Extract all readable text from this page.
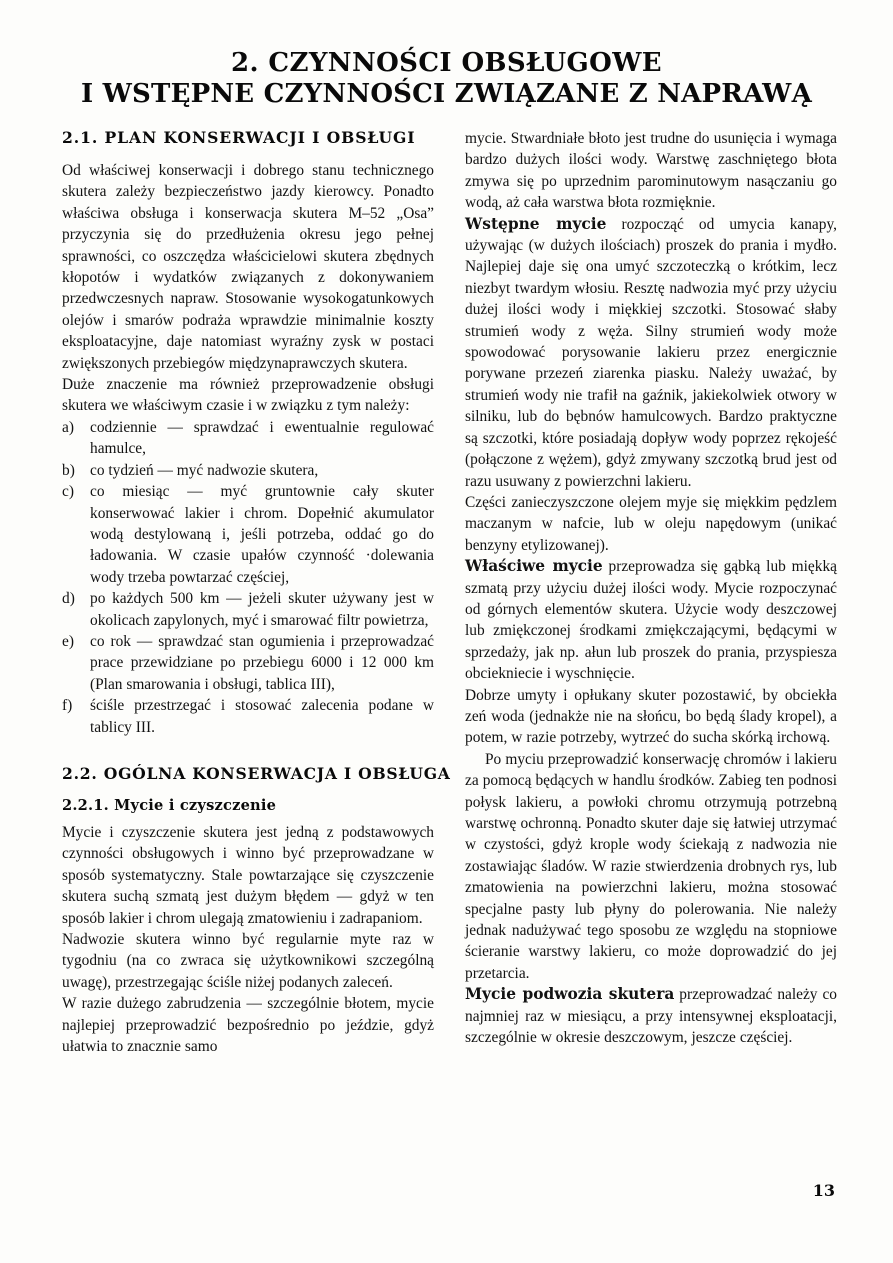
2. CZYNNOŚCI OBSŁUGOWE
I WSTĘPNE CZYNNOŚCI ZWIĄZANE Z NAPRAWĄ
2.1. PLAN KONSERWACJI I OBSŁUGI

Od właściwej konserwacji i dobrego stanu technicznego skutera zależy bezpieczeństwo jazdy kierowcy. Ponadto właściwa obsługa i konserwacja skutera M–52 „Osa” przyczynia się do przedłużenia okresu jego pełnej sprawności, co oszczędza właścicielowi skutera zbędnych kłopotów i wydatków związanych z dokonywaniem przedwczesnych napraw. Stosowanie wysokogatunkowych olejów i smarów podraża wprawdzie minimalnie koszty eksploatacyjne, daje natomiast wyraźny zysk w postaci zwiększonych przebiegów międzynaprawczych skutera.

Duże znaczenie ma również przeprowadzenie obsługi skutera we właściwym czasie i w związku z tym należy:

a)	codziennie — sprawdzać i ewentualnie regulować hamulce,
b) co tydzień — myć nadwozie skutera,
c)	co miesiąc — myć gruntownie cały skuter konserwować lakier i chrom. Dopełnić akumulator wodą destylowaną i, jeśli potrzeba, oddać go do ładowania. W czasie upałów czynność ·dolewania wody trzeba powtarzać częściej,
d) po każdych 500 km — jeżeli skuter używany jest w okolicach zapylonych, myć i smarować filtr powietrza,
e)	co rok — sprawdzać stan ogumienia i przeprowadzać prace przewidziane po przebiegu 6000 i 12 000 km (Plan smarowania i obsługi, tablica III),
f)	ściśle przestrzegać i stosować zalecenia podane w tablicy III.
2.2. OGÓLNA KONSERWACJA I OBSŁUGA
2.2.1. Mycie i czyszczenie

Mycie i czyszczenie skutera jest jedną z podstawowych czynności obsługowych i winno być przeprowadzane w sposób systematyczny. Stale powtarzające się czyszczenie skutera suchą szmatą jest dużym błędem — gdyż w ten sposób lakier i chrom ulegają zmatowieniu i zadrapaniom.

Nadwozie skutera winno być regularnie myte raz w tygodniu (na co zwraca się użytkownikowi szczególną uwagę), przestrzegając ściśle niżej podanych zaleceń.

W razie dużego zabrudzenia — szczególnie błotem, mycie najlepiej przeprowadzić bezpośrednio po jeździe, gdyż ułatwia to znacznie samo

mycie. Stwardniałe błoto jest trudne do usunięcia i wymaga bardzo dużych ilości wody. Warstwę zaschniętego błota zmywa się po uprzednim parominutowym nasączaniu go wodą, aż cała warstwa błota rozmięknie.

Wstępne mycie rozpocząć od umycia kanapy, używając (w dużych ilościach) proszek do prania i mydło. Najlepiej daje się ona umyć szczoteczką o krótkim, lecz niezbyt twardym włosiu. Resztę nadwozia myć przy użyciu dużej ilości wody i miękkiej szczotki. Stosować słaby strumień wody z węża. Silny strumień wody może spowodować porysowanie lakieru przez energicznie porywane przezeń ziarenka piasku. Należy uważać, by strumień wody nie trafił na gaźnik, jakiekolwiek otwory w silniku, lub do bębnów hamulcowych. Bardzo praktyczne są szczotki, które posiadają dopływ wody poprzez rękojeść (połączone z wężem), gdyż zmywany szczotką brud jest od razu usuwany z powierzchni lakieru.

Części zanieczyszczone olejem myje się miękkim pędzlem maczanym w nafcie, lub w oleju napędowym (unikać benzyny etylizowanej).

Właściwe mycie przeprowadza się gąbką lub miękką szmatą przy użyciu dużej ilości wody. Mycie rozpoczynać od górnych elementów skutera. Użycie wody deszczowej lub zmiękczonej środkami zmiękczającymi, będącymi w sprzedaży, jak np. ałun lub proszek do prania, przyspiesza obciekniecie i wyschnięcie.

Dobrze umyty i opłukany skuter pozostawić, by obciekła zeń woda (jednakże nie na słońcu, bo będą ślady kropel), a potem, w razie potrzeby, wytrzeć do sucha skórką irchową.

Po myciu przeprowadzić konserwację chromów i lakieru za pomocą będących w handlu środków. Zabieg ten podnosi połysk lakieru, a powłoki chromu otrzymują potrzebną warstwę ochronną. Ponadto skuter daje się łatwiej utrzymać w czystości, gdyż krople wody ściekają z nadwozia nie zostawiając śladów. W razie stwierdzenia drobnych rys, lub zmatowienia na powierzchni lakieru, można stosować specjalne pasty lub płyny do polerowania. Nie należy jednak nadużywać tego sposobu ze względu na stopniowe ścieranie warstwy lakieru, co może doprowadzić do jej przetarcia.

Mycie podwozia skutera przeprowadzać należy co najmniej raz w miesiącu, a przy intensywnej eksploatacji, szczególnie w okresie deszczowym, jeszcze częściej.

13
